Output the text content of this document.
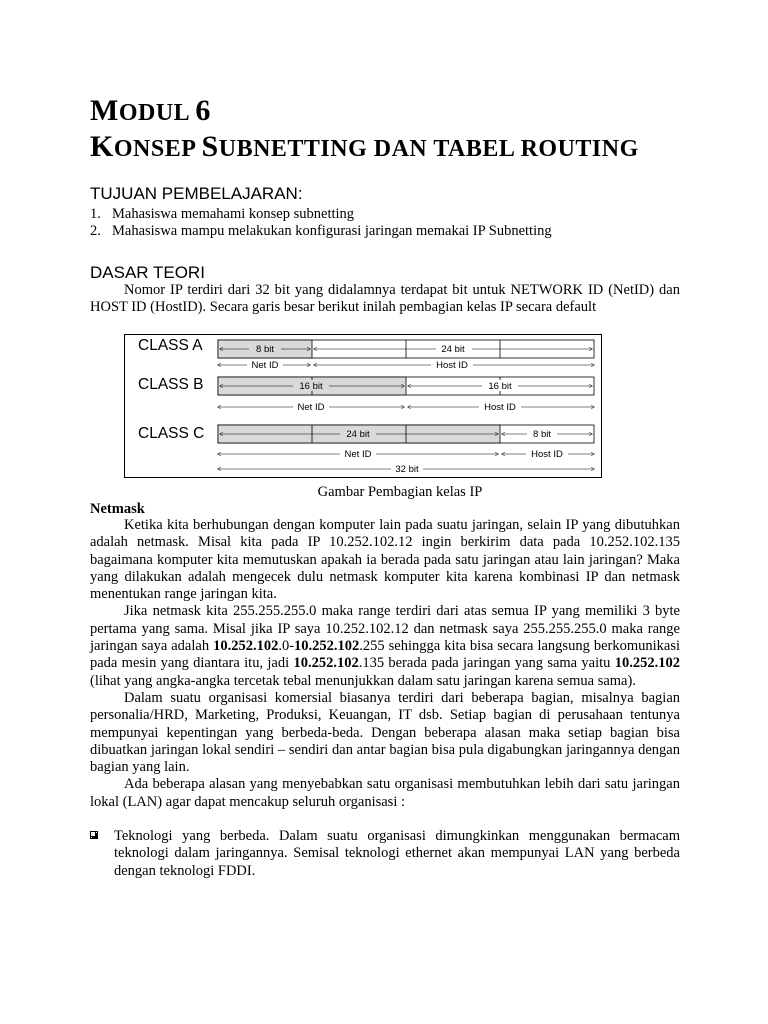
MODUL 6
KONSEP SUBNETTING DAN TABEL ROUTING
TUJUAN PEMBELAJARAN:
1. Mahasiswa memahami konsep subnetting
2. Mahasiswa mampu melakukan konfigurasi jaringan memakai IP Subnetting
DASAR TEORI

Nomor IP terdiri dari 32 bit yang didalamnya terdapat bit untuk NETWORK ID (NetID) dan HOST ID (HostID). Secara garis besar berikut inilah pembagian kelas IP secara default

CLASS A
CLASS B
CLASS C
8 bit	24 bit
Net ID	Host ID
16 bit	16 bit
Net ID	Host ID
24 bit	8 bit
Net ID	Host ID
32 bit
Gambar Pembagian kelas IP
Netmask

Ketika kita berhubungan dengan komputer lain pada suatu jaringan, selain IP yang dibutuhkan adalah netmask. Misal kita pada IP 10.252.102.12 ingin berkirim data pada 10.252.102.135 bagaimana komputer kita memutuskan apakah ia berada pada satu jaringan atau lain jaringan? Maka yang dilakukan adalah mengecek dulu netmask komputer kita karena kombinasi IP dan netmask menentukan range jaringan kita.

Jika netmask kita 255.255.255.0 maka range terdiri dari atas semua IP yang memiliki 3 byte pertama yang sama. Misal jika IP saya 10.252.102.12 dan netmask saya 255.255.255.0 maka range jaringan saya adalah 10.252.102.0-10.252.102.255 sehingga kita bisa secara langsung berkomunikasi pada mesin yang diantara itu, jadi 10.252.102.135 berada pada jaringan yang sama yaitu 10.252.102  (lihat yang angka-angka tercetak tebal menunjukkan dalam satu jaringan karena semua sama).

Dalam suatu organisasi komersial biasanya terdiri dari beberapa bagian, misalnya bagian personalia/HRD, Marketing, Produksi, Keuangan, IT dsb. Setiap bagian di perusahaan tentunya mempunyai kepentingan yang berbeda-beda. Dengan beberapa alasan maka setiap bagian bisa dibuatkan jaringan lokal sendiri – sendiri dan antar bagian bisa pula digabungkan jaringannya dengan bagian yang lain.

Ada beberapa alasan yang menyebabkan satu organisasi membutuhkan lebih dari satu jaringan lokal (LAN) agar dapat mencakup seluruh organisasi :

Teknologi yang berbeda. Dalam suatu organisasi dimungkinkan menggunakan bermacam teknologi dalam jaringannya. Semisal teknologi ethernet akan mempunyai LAN yang berbeda dengan teknologi FDDI.
